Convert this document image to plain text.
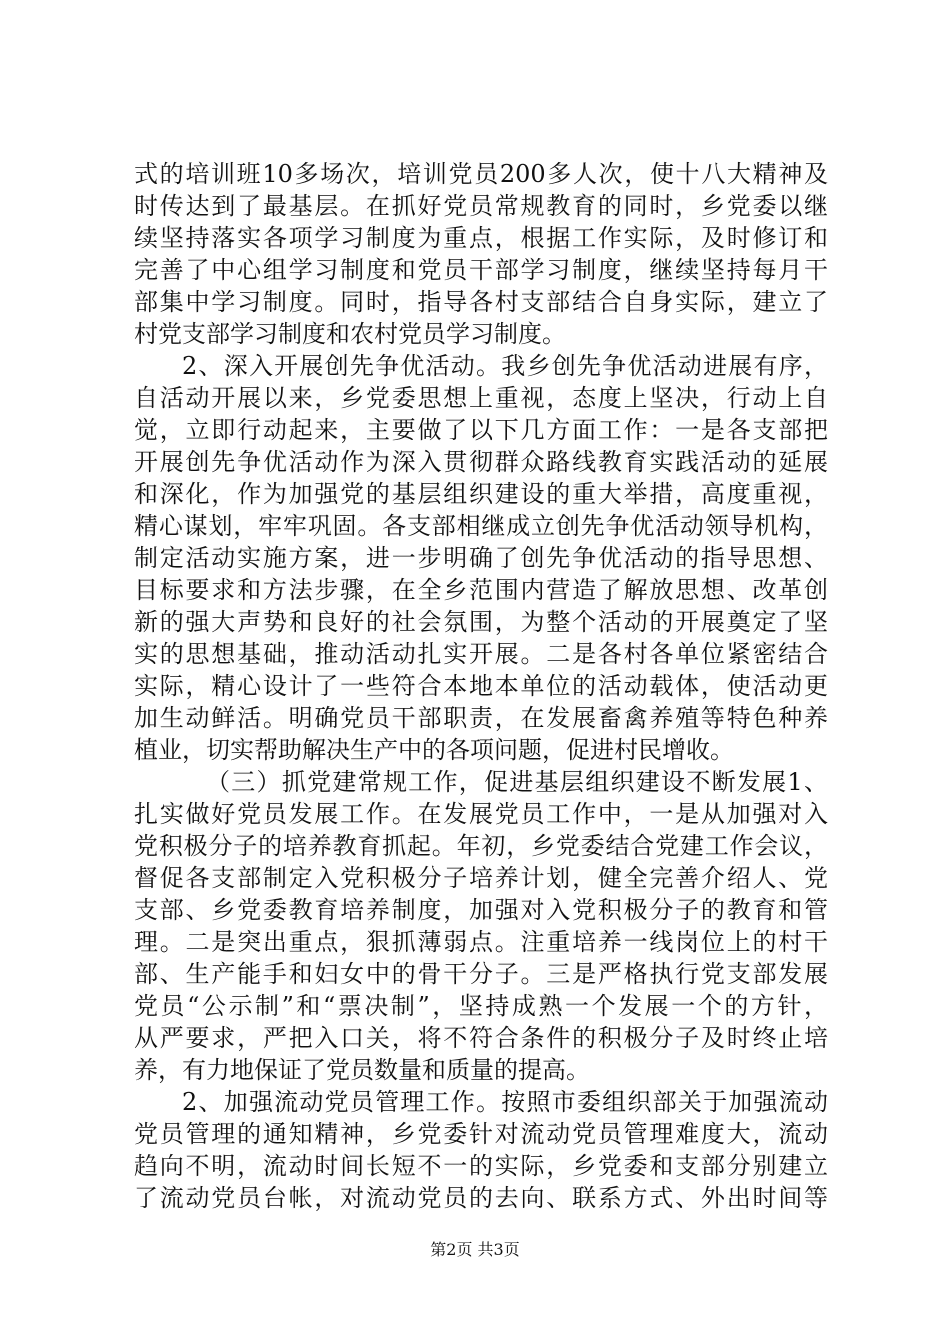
式的培训班10多场次，培训党员200多人次，使十八大精神及
时传达到了最基层。在抓好党员常规教育的同时，乡党委以继
续坚持落实各项学习制度为重点，根据工作实际，及时修订和
完善了中心组学习制度和党员干部学习制度，继续坚持每月干
部集中学习制度。同时，指导各村支部结合自身实际，建立了
村党支部学习制度和农村党员学习制度。
2、深入开展创先争优活动。我乡创先争优活动进展有序，
自活动开展以来，乡党委思想上重视，态度上坚决，行动上自
觉，立即行动起来，主要做了以下几方面工作：一是各支部把
开展创先争优活动作为深入贯彻群众路线教育实践活动的延展
和深化，作为加强党的基层组织建设的重大举措，高度重视，
精心谋划，牢牢巩固。各支部相继成立创先争优活动领导机构，
制定活动实施方案，进一步明确了创先争优活动的指导思想、
目标要求和方法步骤，在全乡范围内营造了解放思想、改革创
新的强大声势和良好的社会氛围，为整个活动的开展奠定了坚
实的思想基础，推动活动扎实开展。二是各村各单位紧密结合
实际，精心设计了一些符合本地本单位的活动载体，使活动更
加生动鲜活。明确党员干部职责，在发展畜禽养殖等特色种养
植业，切实帮助解决生产中的各项问题，促进村民增收。
（三）抓党建常规工作，促进基层组织建设不断发展1、
扎实做好党员发展工作。在发展党员工作中，一是从加强对入
党积极分子的培养教育抓起。年初，乡党委结合党建工作会议，
督促各支部制定入党积极分子培养计划，健全完善介绍人、党
支部、乡党委教育培养制度，加强对入党积极分子的教育和管
理。二是突出重点，狠抓薄弱点。注重培养一线岗位上的村干
部、生产能手和妇女中的骨干分子。三是严格执行党支部发展
党员“公示制”和“票决制”，坚持成熟一个发展一个的方针，
从严要求，严把入口关，将不符合条件的积极分子及时终止培
养，有力地保证了党员数量和质量的提高。
2、加强流动党员管理工作。按照市委组织部关于加强流动
党员管理的通知精神，乡党委针对流动党员管理难度大，流动
趋向不明，流动时间长短不一的实际，乡党委和支部分别建立
了流动党员台帐，对流动党员的去向、联系方式、外出时间等
第2页 共3页
